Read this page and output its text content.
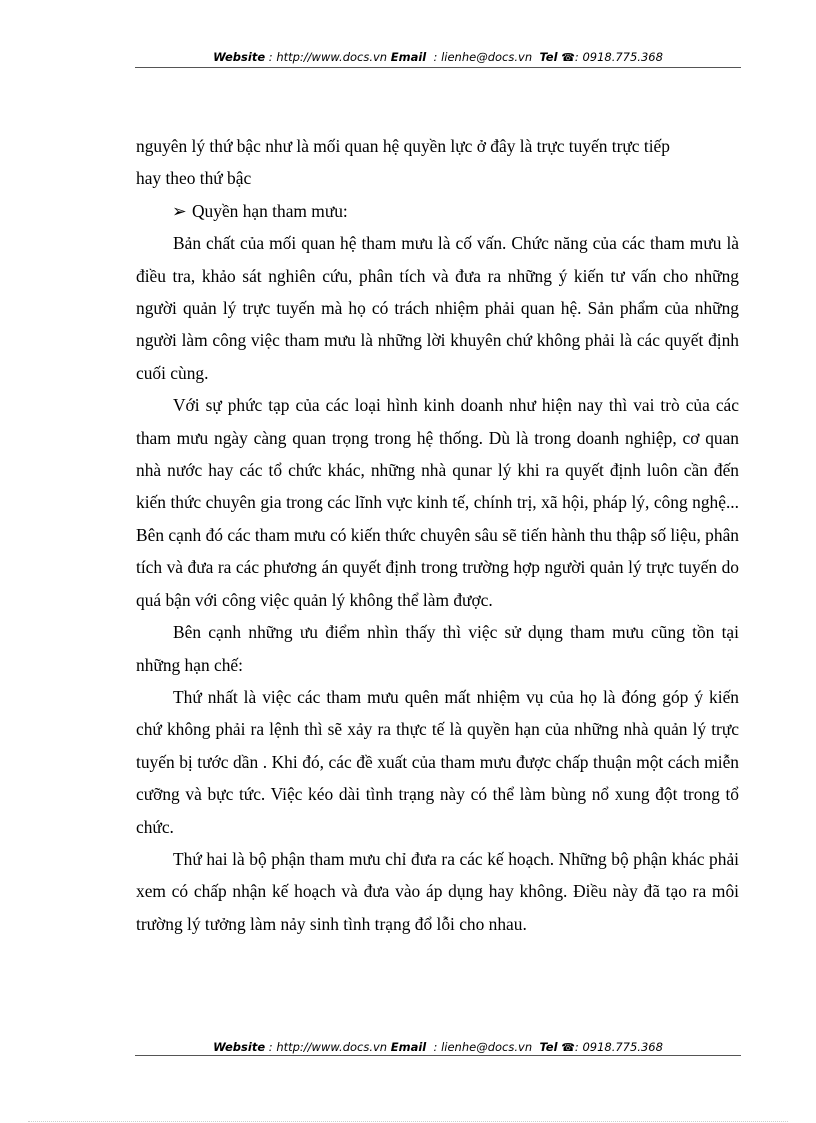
Website : http://www.docs.vn Email  : lienhe@docs.vn Tel ☎: 0918.775.368

nguyên lý thứ bậc như là mối quan hệ quyền lực ở đây là trực tuyến trực tiếp
hay theo thứ bậc

➢ Quyền hạn tham mưu:

Bản chất của mối quan hệ tham mưu là cố vấn. Chức năng của các tham mưu là điều tra, khảo sát nghiên cứu, phân tích và đưa ra những ý kiến tư vấn cho những người quản lý trực tuyến mà họ có trách nhiệm phải quan hệ. Sản phẩm của những người làm công việc tham mưu là những lời khuyên chứ không phải là các quyết định cuối cùng.

Với sự phức tạp của các loại hình kinh doanh như hiện nay thì vai trò của các tham mưu ngày càng quan trọng trong hệ thống. Dù là trong doanh nghiệp, cơ quan nhà nước hay các tổ chức khác, những nhà qunar lý khi ra quyết định luôn cần đến kiến thức chuyên gia trong các lĩnh vực kinh tế, chính trị, xã hội, pháp lý, công nghệ... Bên cạnh đó các tham mưu có kiến thức chuyên sâu sẽ tiến hành thu thập số liệu, phân tích và đưa ra các phương án quyết định trong trường hợp người quản lý trực tuyến do quá bận với công việc quản lý không thể làm được.

Bên cạnh những ưu điểm nhìn thấy thì việc sử dụng tham mưu cũng tồn tại những hạn chế:

Thứ nhất là việc các tham mưu quên mất nhiệm vụ của họ là đóng góp ý kiến chứ không phải ra lệnh thì sẽ xảy ra thực tế là quyền hạn của những nhà quản lý trực tuyến bị tước dần . Khi đó, các đề xuất của tham mưu được chấp thuận một cách miễn cưỡng và bực tức. Việc kéo dài tình trạng này có thể làm bùng nổ xung đột trong tổ chức.

Thứ hai là bộ phận tham mưu chỉ đưa ra các kế hoạch. Những bộ phận khác phải xem có chấp nhận kế hoạch và đưa vào áp dụng hay không. Điều này đã tạo ra môi trường lý tưởng làm nảy sinh tình trạng đổ lỗi cho nhau.

Website : http://www.docs.vn Email  : lienhe@docs.vn Tel ☎: 0918.775.368
